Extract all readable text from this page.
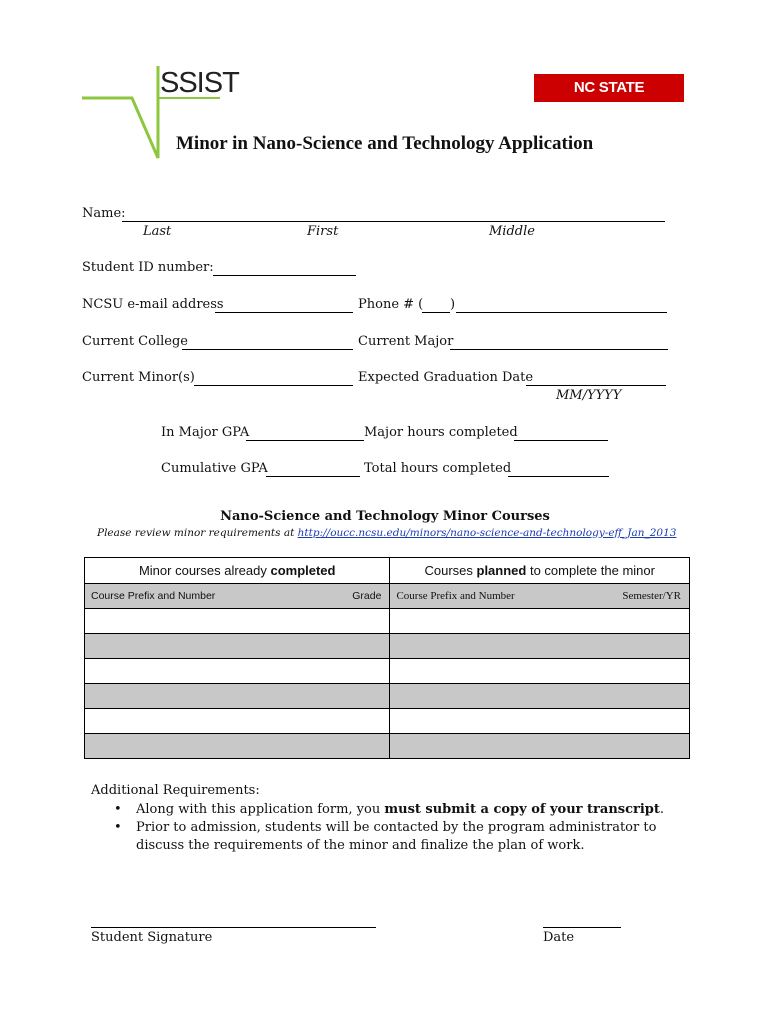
SSIST	NC STATE UNIVERSITY
Minor in Nano-Science and Technology Application
Name:
Last	First	Middle
Student ID number:
NCSU e-mail address	Phone # ( )
Current College	Current Major
Current Minor(s)	Expected Graduation Date
MM/YYYY
In Major GPA	Major hours completed
Cumulative GPA	Total hours completed
Nano-Science and Technology Minor Courses
Please review minor requirements at http://oucc.ncsu.edu/minors/nano-science-and-technology-eff_Jan_2013
Minor courses already completed	Courses planned to complete the minor

Course Prefix and Number Grade	Course Prefix and Number Semester/YR

Additional Requirements:
• Along with this application form, you must submit a copy of your transcript.
• Prior to admission, students will be contacted by the program administrator to discuss the requirements of the minor and finalize the plan of work.
Student Signature	Date
